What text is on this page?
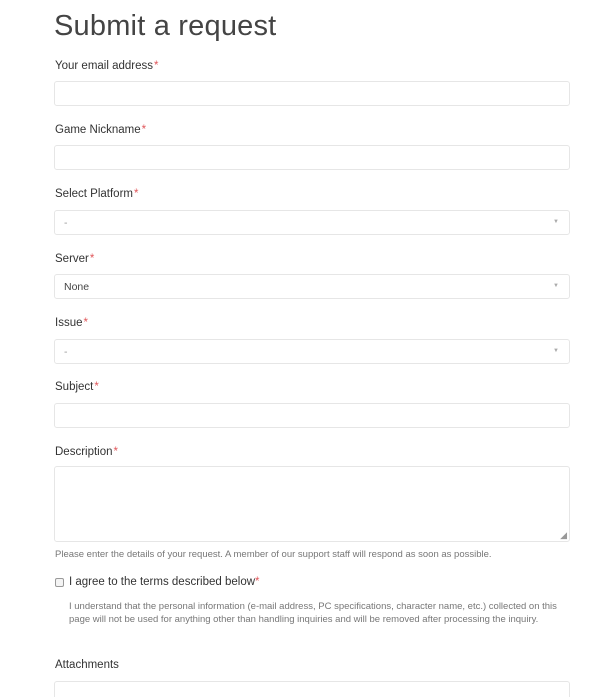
Submit a request
Your email address*
Game Nickname*
Select Platform*
-	▼
Server*
None	▼
Issue*
-	▼
Subject*
Description*
◢
Please enter the details of your request. A member of our support staff will respond as soon as possible.
I agree to the terms described below*
I understand that the personal information (e-mail address, PC specifications, character name, etc.) collected on this page will not be used for anything other than handling inquiries and will be removed after processing the inquiry.
Attachments
